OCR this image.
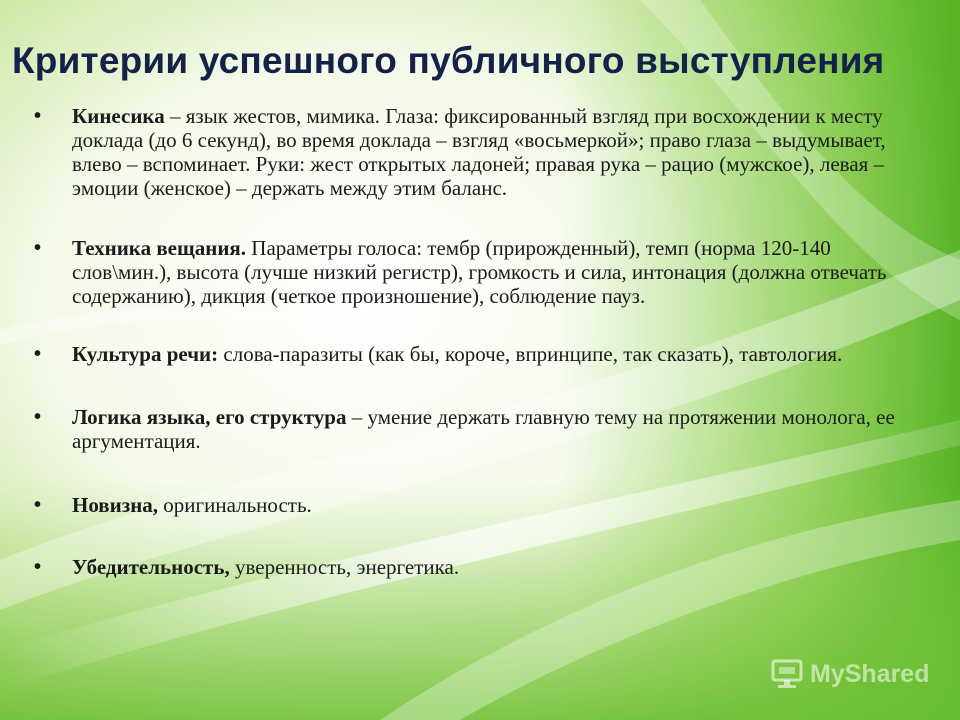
Критерии успешного публичного выступления
• Кинесика – язык жестов, мимика. Глаза: фиксированный взгляд при восхождении к месту доклада (до 6 секунд), во время доклада – взгляд «восьмеркой»; право глаза – выдумывает, влево – вспоминает. Руки: жест открытых ладоней; правая рука – рацио (мужское), левая – эмоции (женское) – держать между этим баланс.
• Техника вещания. Параметры голоса: тембр (прирожденный), темп (норма 120-140 слов\мин.), высота (лучше низкий регистр), громкость и сила, интонация (должна отвечать содержанию), дикция (четкое произношение), соблюдение пауз.
• Культура речи: слова-паразиты (как бы, короче, впринципе, так сказать), тавтология.
• Логика языка, его структура – умение держать главную тему на протяжении монолога, ее аргументация.
• Новизна, оригинальность.
• Убедительность, уверенность, энергетика.
MyShared
